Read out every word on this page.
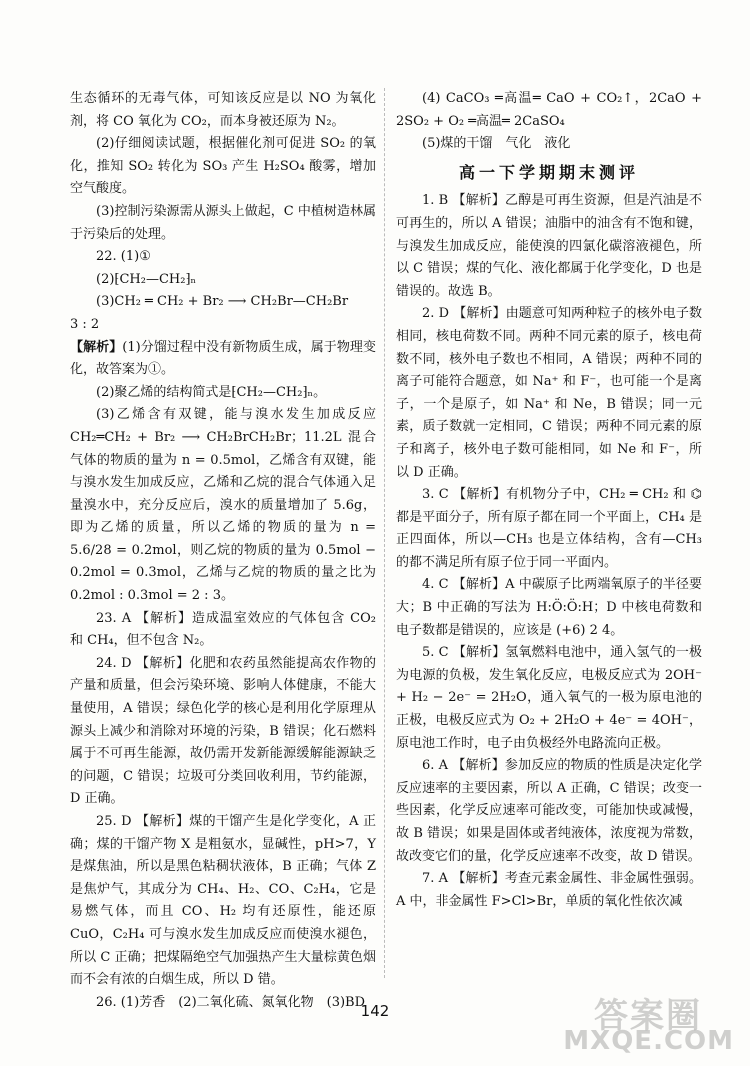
生态循环的无毒气体，可知该反应是以 NO 为氧化剂，将 CO 氧化为 CO₂，而本身被还原为 N₂。

(2)仔细阅读试题，根据催化剂可促进 SO₂ 的氧化，推知 SO₂ 转化为 SO₃ 产生 H₂SO₄ 酸雾，增加空气酸度。

(3)控制污染源需从源头上做起，C 中植树造林属于污染后的处理。

22. (1)①

(2)⁅CH₂—CH₂⁆ₙ

(3)CH₂ ═ CH₂ + Br₂ ⟶ CH₂Br—CH₂Br

3 : 2

【解析】(1)分馏过程中没有新物质生成，属于物理变化，故答案为①。

(2)聚乙烯的结构简式是⁅CH₂—CH₂⁆ₙ。

(3)乙烯含有双键，能与溴水发生加成反应 CH₂═CH₂ + Br₂ ⟶ CH₂BrCH₂Br；11.2L 混合气体的物质的量为 n = 0.5mol，乙烯含有双键，能与溴水发生加成反应，乙烯和乙烷的混合气体通入足量溴水中，充分反应后，溴水的质量增加了 5.6g，即为乙烯的质量，所以乙烯的物质的量为 n = 5.6/28 = 0.2mol，则乙烷的物质的量为 0.5mol − 0.2mol = 0.3mol，乙烯与乙烷的物质的量之比为 0.2mol : 0.3mol = 2 : 3。

23. A 【解析】造成温室效应的气体包含 CO₂ 和 CH₄，但不包含 N₂。

24. D 【解析】化肥和农药虽然能提高农作物的产量和质量，但会污染环境、影响人体健康，不能大量使用，A 错误；绿色化学的核心是利用化学原理从源头上减少和消除对环境的污染，B 错误；化石燃料属于不可再生能源，故仍需开发新能源缓解能源缺乏的问题，C 错误；垃圾可分类回收利用，节约能源，D 正确。

25. D 【解析】煤的干馏产生是化学变化，A 正确；煤的干馏产物 X 是粗氨水，显碱性，pH>7，Y 是煤焦油，所以是黑色粘稠状液体，B 正确；气体 Z 是焦炉气，其成分为 CH₄、H₂、CO、C₂H₄，它是易燃气体，而且 CO、H₂ 均有还原性，能还原 CuO，C₂H₄ 可与溴水发生加成反应而使溴水褪色，所以 C 正确；把煤隔绝空气加强热产生大量棕黄色烟而不会有浓的白烟生成，所以 D 错。

26. (1)芳香　(2)二氧化硫、氮氧化物　(3)BD

(4) CaCO₃ ═高温═ CaO + CO₂↑，2CaO + 2SO₂ + O₂ ═高温═ 2CaSO₄

(5)煤的干馏　气化　液化

高一下学期期末测评

1. B 【解析】乙醇是可再生资源，但是汽油是不可再生的，所以 A 错误；油脂中的油含有不饱和键，与溴发生加成反应，能使溴的四氯化碳溶液褪色，所以 C 错误；煤的气化、液化都属于化学变化，D 也是错误的。故选 B。

2. D 【解析】由题意可知两种粒子的核外电子数相同，核电荷数不同。两种不同元素的原子，核电荷数不同，核外电子数也不相同，A 错误；两种不同的离子可能符合题意，如 Na⁺ 和 F⁻，也可能一个是离子，一个是原子，如 Na⁺ 和 Ne，B 错误；同一元素，质子数就一定相同，C 错误；两种不同元素的原子和离子，核外电子数可能相同，如 Ne 和 F⁻，所以 D 正确。

3. C 【解析】有机物分子中，CH₂ ═ CH₂ 和 ⌬ 都是平面分子，所有原子都在同一个平面上，CH₄ 是正四面体，所以—CH₃ 也是立体结构，含有—CH₃ 的都不满足所有原子位于同一平面内。

4. C 【解析】A 中碳原子比两端氧原子的半径要大；B 中正确的写法为 H:Ö:Ö:H；D 中核电荷数和电子数都是错误的，应该是 (+6) 2 4。

5. C 【解析】氢氧燃料电池中，通入氢气的一极为电源的负极，发生氧化反应，电极反应式为 2OH⁻ + H₂ − 2e⁻ = 2H₂O，通入氧气的一极为原电池的正极，电极反应式为 O₂ + 2H₂O + 4e⁻ = 4OH⁻，原电池工作时，电子由负极经外电路流向正极。

6. A 【解析】参加反应的物质的性质是决定化学反应速率的主要因素，所以 A 正确，C 错误；改变一些因素，化学反应速率可能改变，可能加快或减慢，故 B 错误；如果是固体或者纯液体，浓度视为常数，故改变它们的量，化学反应速率不改变，故 D 错误。

7. A 【解析】考查元素金属性、非金属性强弱。A 中，非金属性 F>Cl>Br，单质的氧化性依次减

142	答案圈
MXQE.COM
